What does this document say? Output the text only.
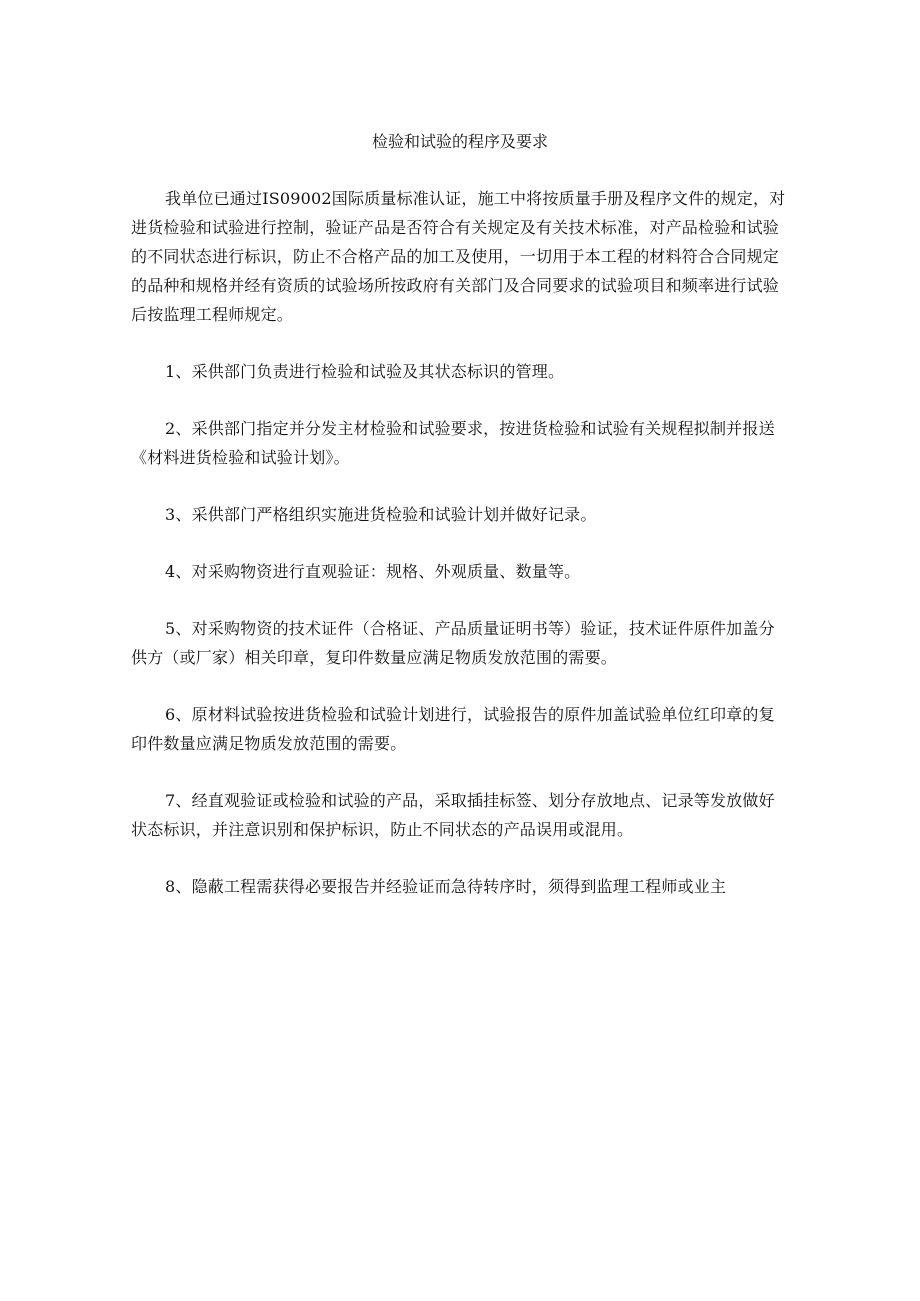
检验和试验的程序及要求

我单位已通过IS09002国际质量标准认证，施工中将按质量手册及程序文件的规定，对
进货检验和试验进行控制，验证产品是否符合有关规定及有关技术标准，对产品检验和试验
的不同状态进行标识，防止不合格产品的加工及使用，一切用于本工程的材料符合合同规定
的品种和规格并经有资质的试验场所按政府有关部门及合同要求的试验项目和频率进行试验
后按监理工程师规定。

1、采供部门负责进行检验和试验及其状态标识的管理。

2、采供部门指定并分发主材检验和试验要求，按进货检验和试验有关规程拟制并报送
《材料进货检验和试验计划》。

3、采供部门严格组织实施进货检验和试验计划并做好记录。

4、对采购物资进行直观验证：规格、外观质量、数量等。

5、对采购物资的技术证件（合格证、产品质量证明书等）验证，技术证件原件加盖分
供方（或厂家）相关印章，复印件数量应满足物质发放范围的需要。

6、原材料试验按进货检验和试验计划进行，试验报告的原件加盖试验单位红印章的复
印件数量应满足物质发放范围的需要。

7、经直观验证或检验和试验的产品，采取插挂标签、划分存放地点、记录等发放做好
状态标识，并注意识别和保护标识，防止不同状态的产品误用或混用。

8、隐蔽工程需获得必要报告并经验证而急待转序时，须得到监理工程师或业主
